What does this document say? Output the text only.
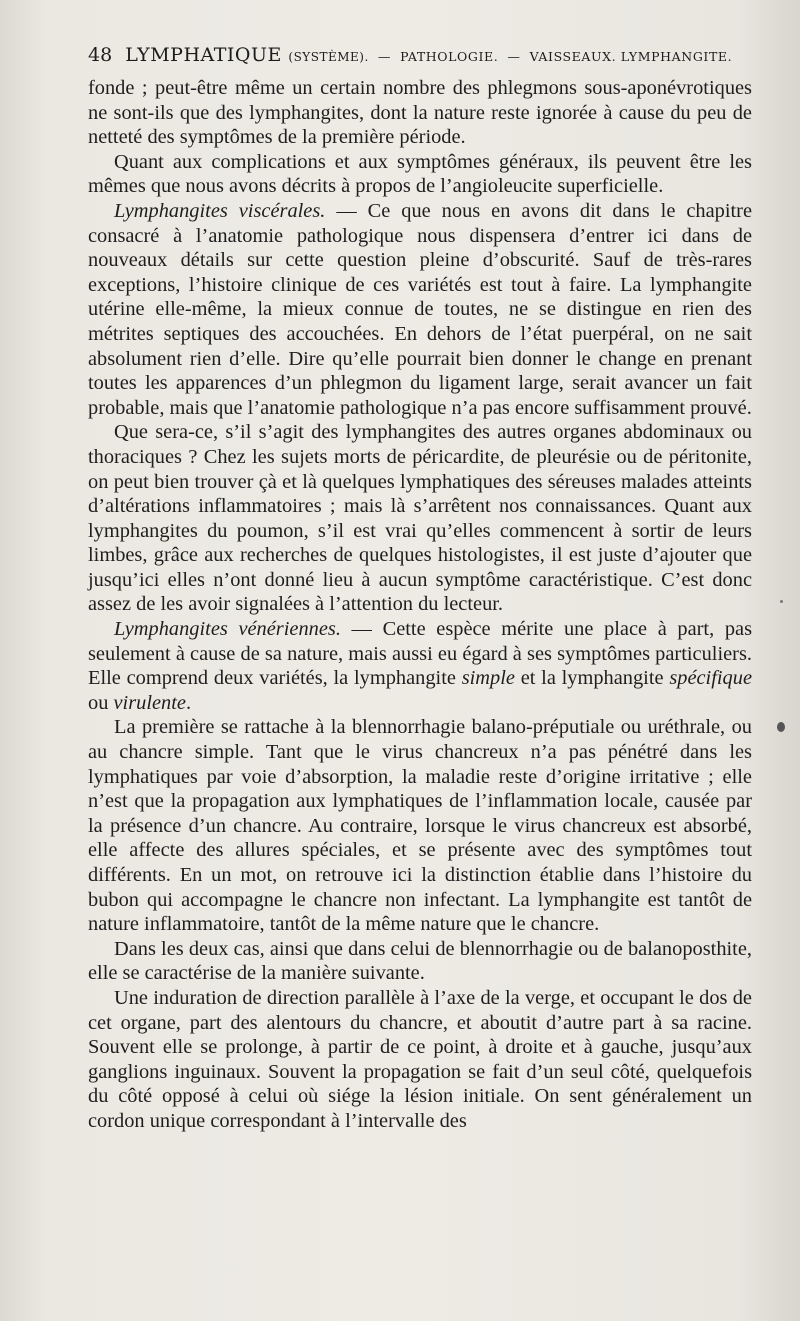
48 LYMPHATIQUE (SYSTÈME). — PATHOLOGIE. — VAISSEAUX. LYMPHANGITE.

fonde ; peut-être même un certain nombre des phlegmons sous-aponévrotiques ne sont-ils que des lymphangites, dont la nature reste ignorée à cause du peu de netteté des symptômes de la première période.

Quant aux complications et aux symptômes généraux, ils peuvent être les mêmes que nous avons décrits à propos de l’angioleucite superficielle.

Lymphangites viscérales. — Ce que nous en avons dit dans le chapitre consacré à l’anatomie pathologique nous dispensera d’entrer ici dans de nouveaux détails sur cette question pleine d’obscurité. Sauf de très-rares exceptions, l’histoire clinique de ces variétés est tout à faire. La lymphangite utérine elle-même, la mieux connue de toutes, ne se distingue en rien des métrites septiques des accouchées. En dehors de l’état puerpéral, on ne sait absolument rien d’elle. Dire qu’elle pourrait bien donner le change en prenant toutes les apparences d’un phlegmon du ligament large, serait avancer un fait probable, mais que l’anatomie pathologique n’a pas encore suffisamment prouvé.

Que sera-ce, s’il s’agit des lymphangites des autres organes abdominaux ou thoraciques ? Chez les sujets morts de péricardite, de pleurésie ou de péritonite, on peut bien trouver çà et là quelques lymphatiques des séreuses malades atteints d’altérations inflammatoires ; mais là s’arrêtent nos connaissances. Quant aux lymphangites du poumon, s’il est vrai qu’elles commencent à sortir de leurs limbes, grâce aux recherches de quelques histologistes, il est juste d’ajouter que jusqu’ici elles n’ont donné lieu à aucun symptôme caractéristique. C’est donc assez de les avoir signalées à l’attention du lecteur.

Lymphangites vénériennes. — Cette espèce mérite une place à part, pas seulement à cause de sa nature, mais aussi eu égard à ses symptômes particuliers. Elle comprend deux variétés, la lymphangite simple et la lymphangite spécifique ou virulente.

La première se rattache à la blennorrhagie balano-préputiale ou uréthrale, ou au chancre simple. Tant que le virus chancreux n’a pas pénétré dans les lymphatiques par voie d’absorption, la maladie reste d’origine irritative ; elle n’est que la propagation aux lymphatiques de l’inflammation locale, causée par la présence d’un chancre. Au contraire, lorsque le virus chancreux est absorbé, elle affecte des allures spéciales, et se présente avec des symptômes tout différents. En un mot, on retrouve ici la distinction établie dans l’histoire du bubon qui accompagne le chancre non infectant. La lymphangite est tantôt de nature inflammatoire, tantôt de la même nature que le chancre.

Dans les deux cas, ainsi que dans celui de blennorrhagie ou de balanoposthite, elle se caractérise de la manière suivante.

Une induration de direction parallèle à l’axe de la verge, et occupant le dos de cet organe, part des alentours du chancre, et aboutit d’autre part à sa racine. Souvent elle se prolonge, à partir de ce point, à droite et à gauche, jusqu’aux ganglions inguinaux. Souvent la propagation se fait d’un seul côté, quelquefois du côté opposé à celui où siége la lésion initiale. On sent généralement un cordon unique correspondant à l’intervalle des
